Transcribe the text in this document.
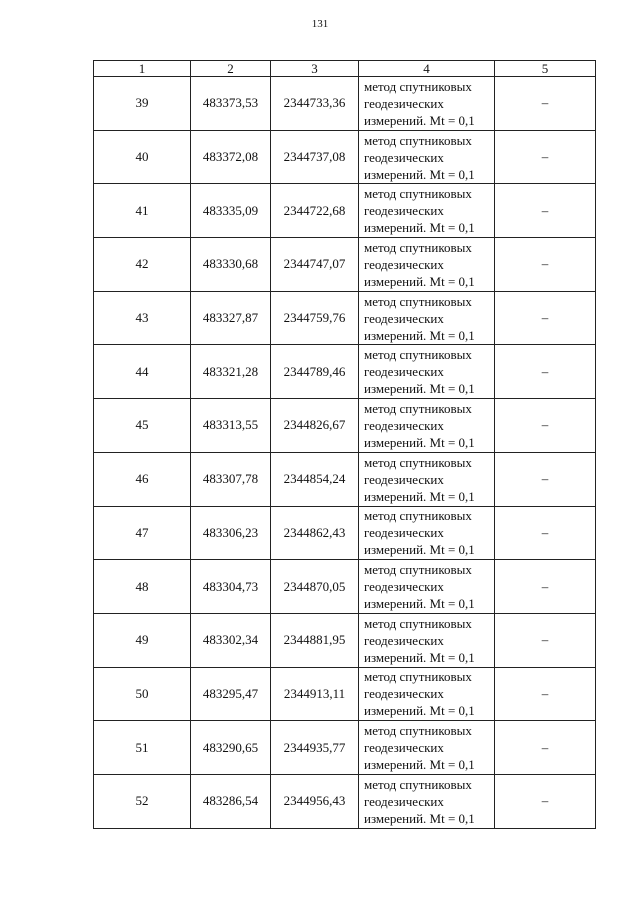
131
1	2	3	4	5
39	483373,53	2344733,36	метод спутниковых
геодезических
измерений. Mt = 0,1	–
40	483372,08	2344737,08	метод спутниковых
геодезических
измерений. Mt = 0,1	–
41	483335,09	2344722,68	метод спутниковых
геодезических
измерений. Mt = 0,1	–
42	483330,68	2344747,07	метод спутниковых
геодезических
измерений. Mt = 0,1	–
43	483327,87	2344759,76	метод спутниковых
геодезических
измерений. Mt = 0,1	–
44	483321,28	2344789,46	метод спутниковых
геодезических
измерений. Mt = 0,1	–
45	483313,55	2344826,67	метод спутниковых
геодезических
измерений. Mt = 0,1	–
46	483307,78	2344854,24	метод спутниковых
геодезических
измерений. Mt = 0,1	–
47	483306,23	2344862,43	метод спутниковых
геодезических
измерений. Mt = 0,1	–
48	483304,73	2344870,05	метод спутниковых
геодезических
измерений. Mt = 0,1	–
49	483302,34	2344881,95	метод спутниковых
геодезических
измерений. Mt = 0,1	–
50	483295,47	2344913,11	метод спутниковых
геодезических
измерений. Mt = 0,1	–
51	483290,65	2344935,77	метод спутниковых
геодезических
измерений. Mt = 0,1	–
52	483286,54	2344956,43	метод спутниковых
геодезических
измерений. Mt = 0,1	–
